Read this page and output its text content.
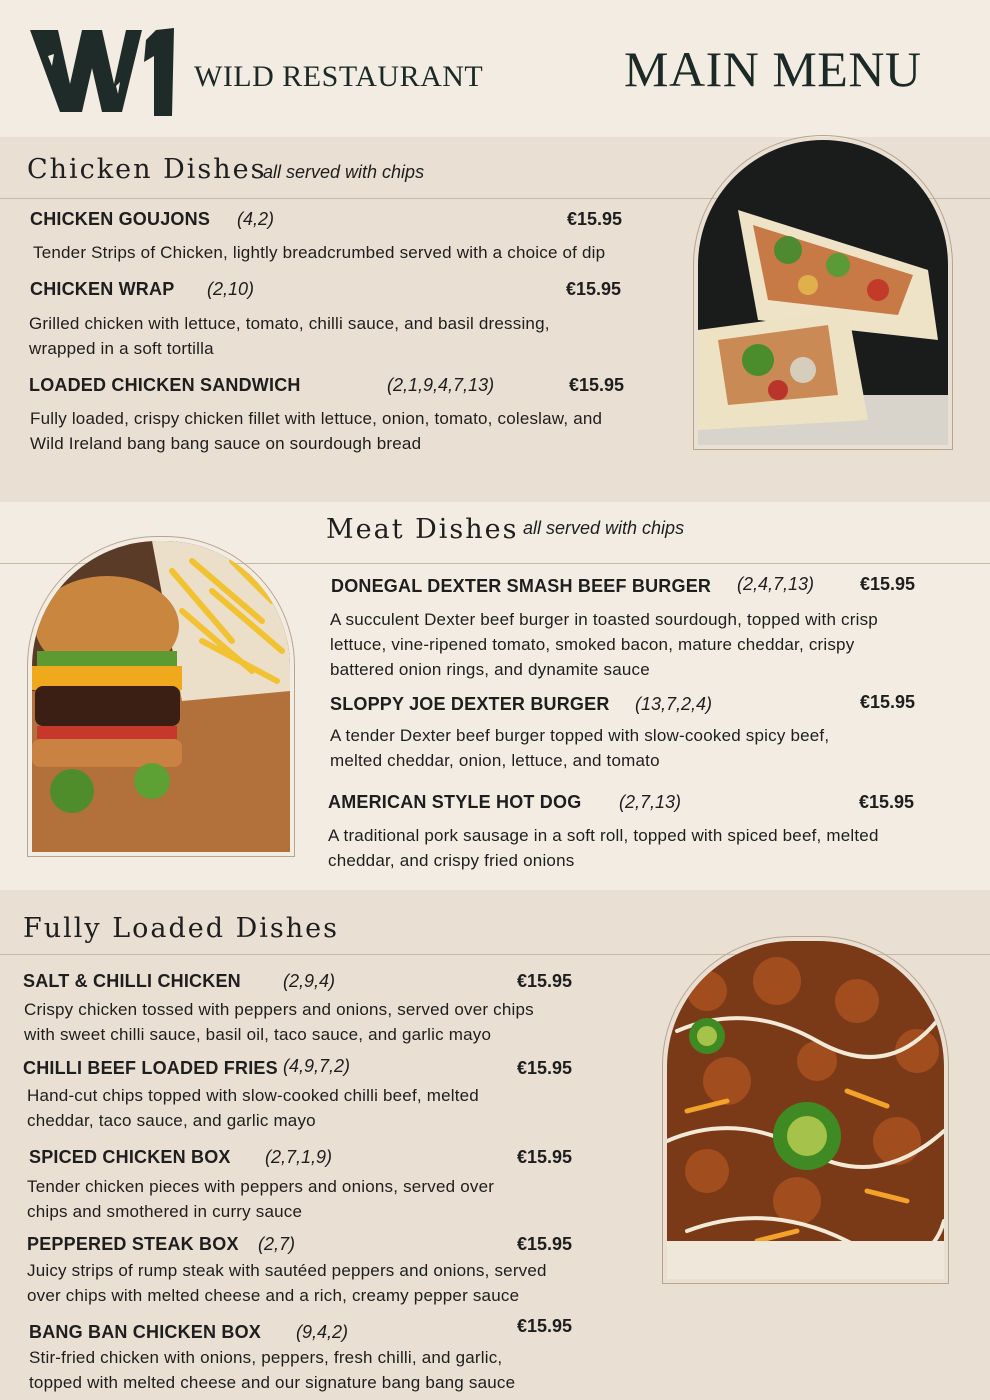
WILD RESTAURANT	MAIN MENU
Chicken Dishes
all served with chips
CHICKEN GOUJONS (4,2)	€15.95
Tender Strips of Chicken, lightly breadcrumbed served with a choice of dip
CHICKEN WRAP (2,10)	€15.95
Grilled chicken with lettuce, tomato, chilli sauce, and basil dressing,
wrapped in a soft tortilla
LOADED CHICKEN SANDWICH	(2,1,9,4,7,13)	€15.95
Fully loaded, crispy chicken fillet with lettuce, onion, tomato, coleslaw, and
Wild Ireland bang bang sauce on sourdough bread
Meat Dishes all served with chips
DONEGAL DEXTER SMASH BEEF BURGER (2,4,7,13)	€15.95
A succulent Dexter beef burger in toasted sourdough, topped with crisp
lettuce, vine-ripened tomato, smoked bacon, mature cheddar, crispy
battered onion rings, and dynamite sauce
SLOPPY JOE DEXTER BURGER (13,7,2,4)	€15.95
A tender Dexter beef burger topped with slow-cooked spicy beef,
melted cheddar, onion, lettuce, and tomato
AMERICAN STYLE HOT DOG (2,7,13)	€15.95
A traditional pork sausage in a soft roll, topped with spiced beef, melted
cheddar, and crispy fried onions
Fully Loaded Dishes
SALT & CHILLI CHICKEN (2,9,4)	€15.95
Crispy chicken tossed with peppers and onions, served over chips
with sweet chilli sauce, basil oil, taco sauce, and garlic mayo
CHILLI BEEF LOADED FRIES (4,9,7,2)	€15.95
Hand-cut chips topped with slow-cooked chilli beef, melted
cheddar, taco sauce, and garlic mayo
SPICED CHICKEN BOX (2,7,1,9)	€15.95
Tender chicken pieces with peppers and onions, served over
chips and smothered in curry sauce
PEPPERED STEAK BOX (2,7)	€15.95
Juicy strips of rump steak with sautéed peppers and onions, served
over chips with melted cheese and a rich, creamy pepper sauce
BANG BAN CHICKEN BOX (9,4,2)	€15.95
Stir-fried chicken with onions, peppers, fresh chilli, and garlic,
topped with melted cheese and our signature bang bang sauce
